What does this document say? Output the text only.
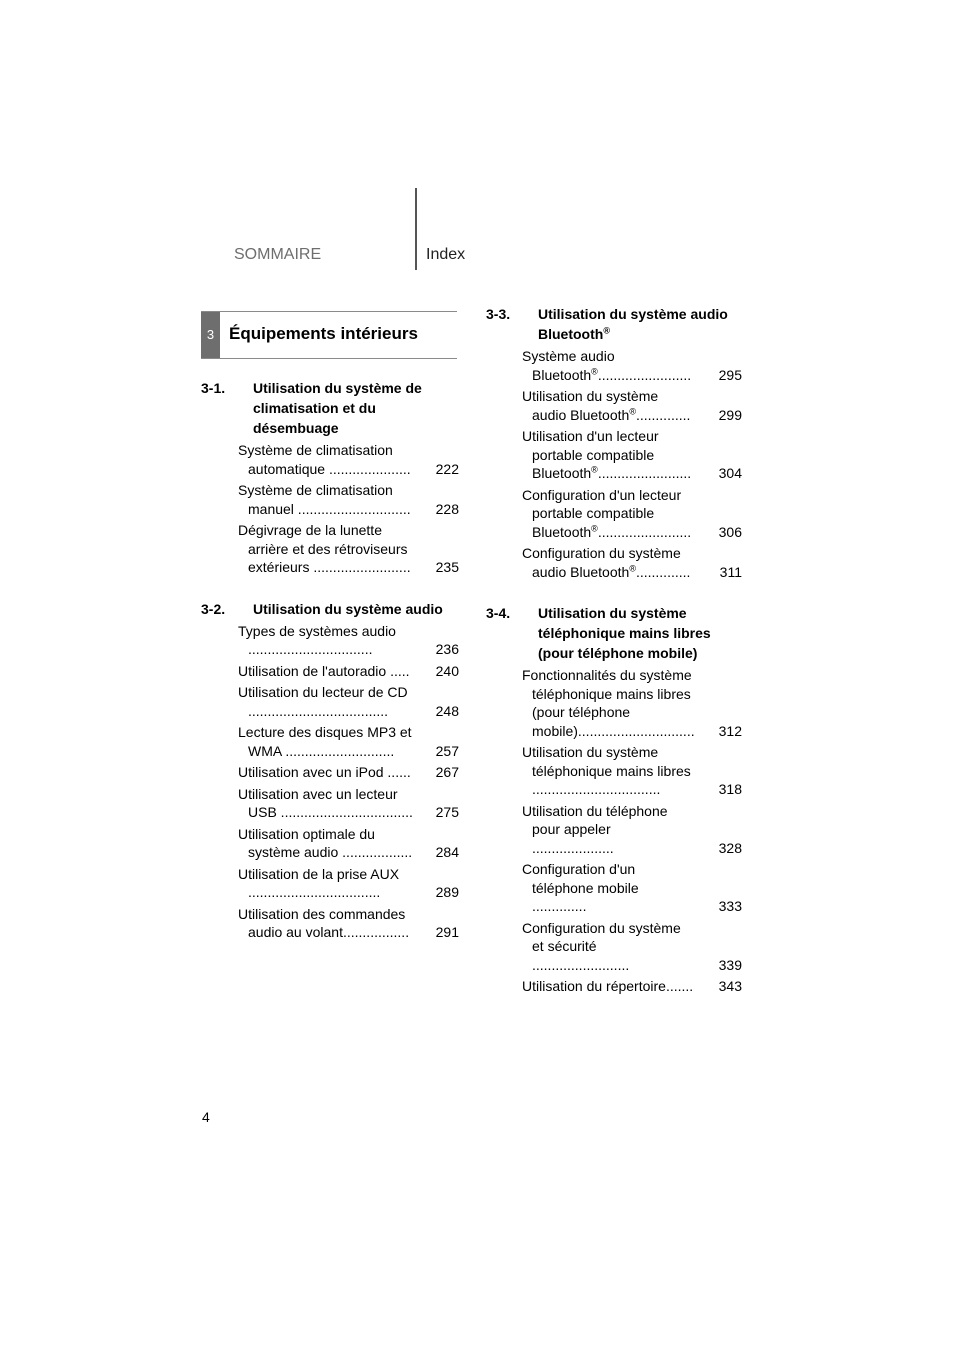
SOMMAIRE	Index
3 Équipements intérieurs
3-1.	Utilisation du système de climatisation et du désembuage
Système de climatisation automatique .....................	222
Système de climatisation manuel .............................	228
Dégivrage de la lunette arrière et des rétroviseurs extérieurs .........................	235
3-2.	Utilisation du système audio
Types de systèmes audio ................................	236
Utilisation de l'autoradio .....	240
Utilisation du lecteur de CD ....................................	248
Lecture des disques MP3 et WMA ............................	257
Utilisation avec un iPod ......	267
Utilisation avec un lecteur USB ..................................	275
Utilisation optimale du système audio ..................	284
Utilisation de la prise AUX ..................................	289
Utilisation des commandes audio au volant.................	291
3-3.	Utilisation du système audio Bluetooth®
Système audio Bluetooth®........................	295
Utilisation du système audio Bluetooth®..............	299
Utilisation d'un lecteur portable compatible Bluetooth®........................	304
Configuration d'un lecteur portable compatible Bluetooth®........................	306
Configuration du système audio Bluetooth®..............	311
3-4.	Utilisation du système téléphonique mains libres (pour téléphone mobile)
Fonctionnalités du système téléphonique mains libres (pour téléphone mobile)..............................	312
Utilisation du système téléphonique mains libres .................................	318
Utilisation du téléphone pour appeler .....................	328
Configuration d'un téléphone mobile ..............	333
Configuration du système et sécurité .........................	339
Utilisation du répertoire.......	343
4
